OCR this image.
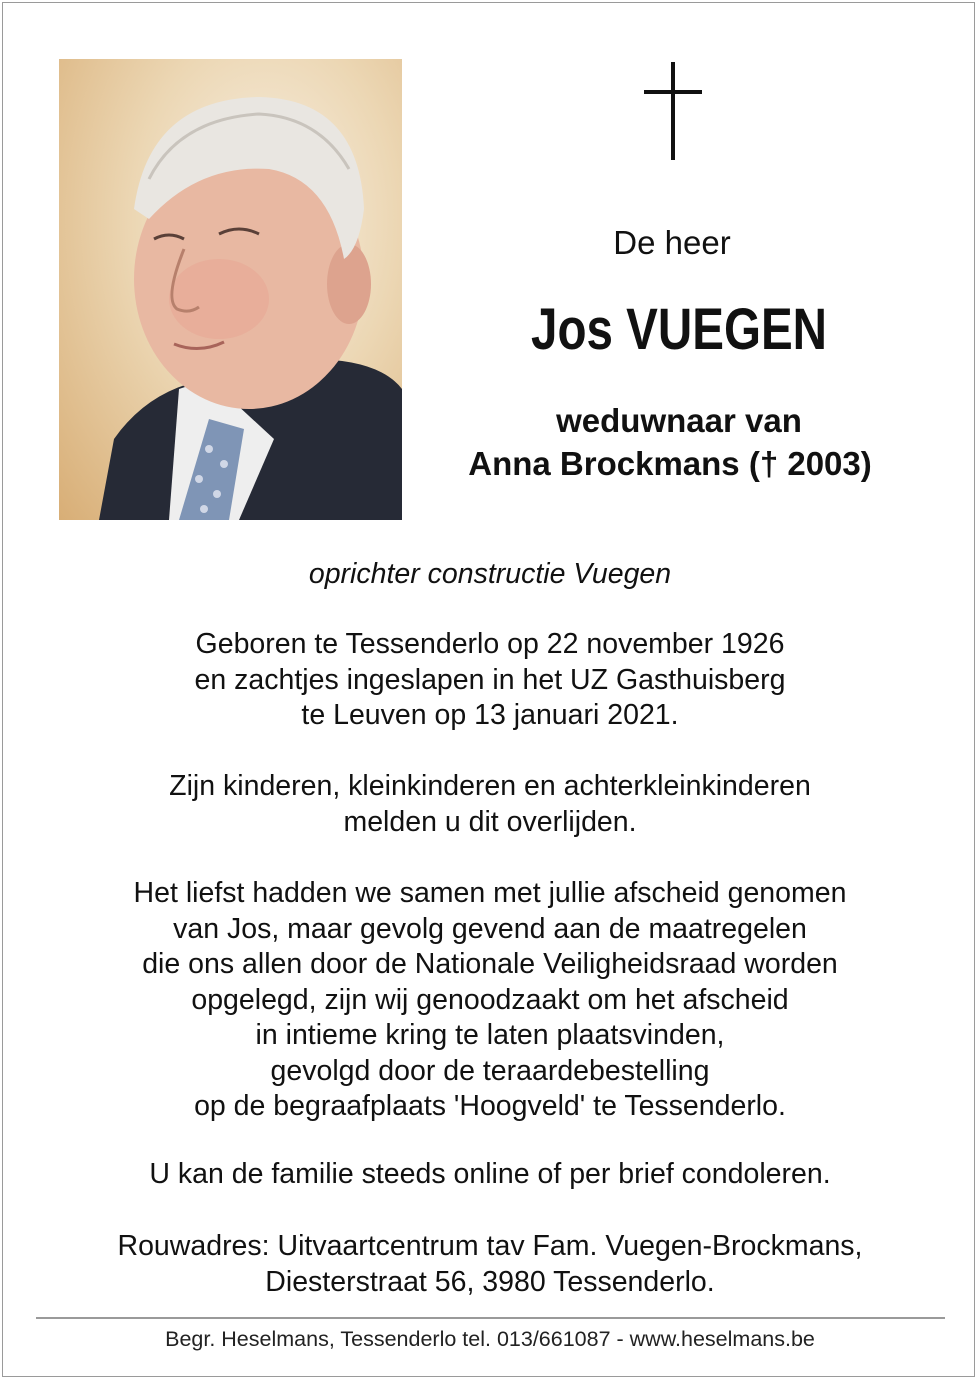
De heer
Jos VUEGEN
weduwnaar van
Anna Brockmans († 2003)
oprichter constructie Vuegen
Geboren te Tessenderlo op 22 november 1926
en zachtjes ingeslapen in het UZ Gasthuisberg
te Leuven op 13 januari 2021.
Zijn kinderen, kleinkinderen en achterkleinkinderen
melden u dit overlijden.
Het liefst hadden we samen met jullie afscheid genomen
van Jos, maar gevolg gevend aan de maatregelen
die ons allen door de Nationale Veiligheidsraad worden
opgelegd, zijn wij genoodzaakt om het afscheid
in intieme kring te laten plaatsvinden,
gevolgd door de teraardebestelling
op de begraafplaats 'Hoogveld' te Tessenderlo.
U kan de familie steeds online of per brief condoleren.
Rouwadres: Uitvaartcentrum tav Fam. Vuegen-Brockmans,
Diesterstraat 56, 3980 Tessenderlo.
Begr. Heselmans, Tessenderlo tel. 013/661087 - www.heselmans.be
